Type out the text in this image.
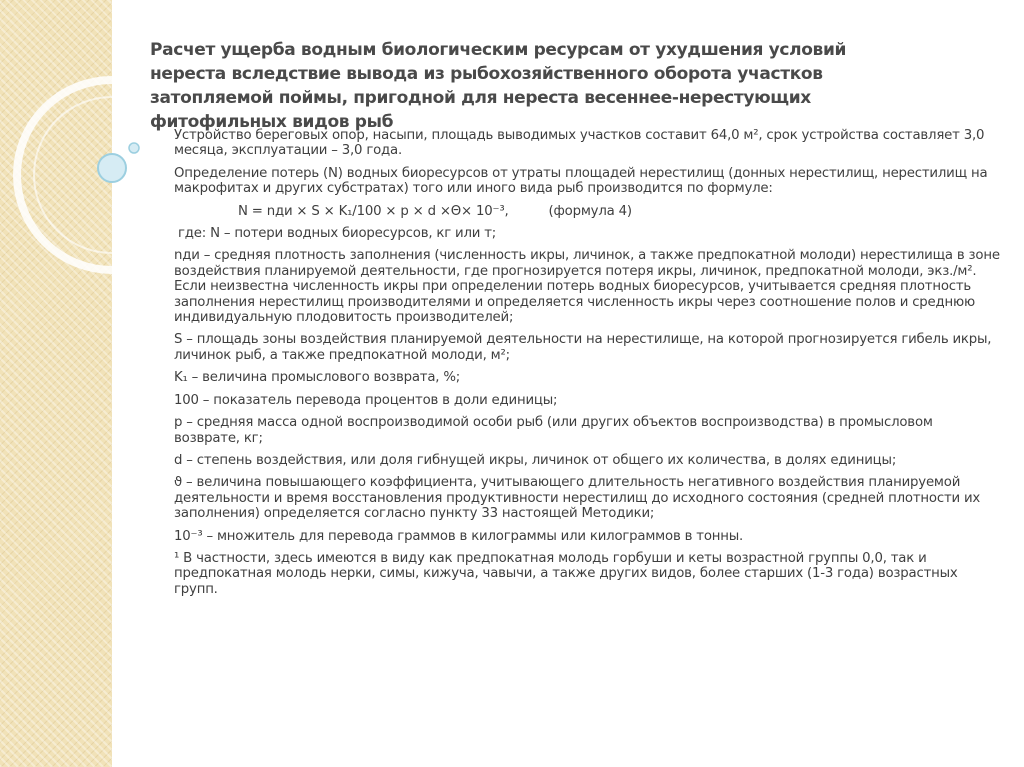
Расчет ущерба водным биологическим ресурсам от ухудшения условий нереста вследствие вывода из рыбохозяйственного оборота участков затопляемой поймы, пригодной для нереста весеннее-нерестующих фитофильных видов рыб

Устройство береговых опор, насыпи, площадь выводимых участков составит 64,0 м², срок устройства составляет 3,0 месяца, эксплуатации – 3,0 года.

Определение потерь (N) водных биоресурсов от утраты площадей нерестилищ (донных нерестилищ, нерестилищ на макрофитах и других субстратах) того или иного вида рыб производится по формуле:

N = nди × S × K₁/100 × p × d ×Θ× 10⁻³,	(формула 4)

где: N – потери водных биоресурсов, кг или т;

nди – средняя плотность заполнения (численность икры, личинок, а также предпокатной молоди) нерестилища в зоне воздействия планируемой деятельности, где прогнозируется потеря икры, личинок, предпокатной молоди, экз./м². Если неизвестна численность икры при определении потерь водных биоресурсов, учитывается средняя плотность заполнения нерестилищ производителями и определяется численность икры через соотношение полов и среднюю индивидуальную плодовитость производителей;

S – площадь зоны воздействия планируемой деятельности на нерестилище, на которой прогнозируется гибель икры, личинок рыб, а также предпокатной молоди, м²;

K₁ – величина промыслового возврата, %;

100 – показатель перевода процентов в доли единицы;

p – средняя масса одной воспроизводимой особи рыб (или других объектов воспроизводства) в промысловом возврате, кг;

d – степень воздействия, или доля гибнущей икры, личинок от общего их количества, в долях единицы;

ϑ – величина повышающего коэффициента, учитывающего длительность негативного воздействия планируемой деятельности и время восстановления продуктивности нерестилищ до исходного состояния (средней плотности их заполнения) определяется согласно пункту 33 настоящей Методики;

10⁻³ – множитель для перевода граммов в килограммы или килограммов в тонны.

¹ В частности, здесь имеются в виду как предпокатная молодь горбуши и кеты возрастной группы 0,0, так и предпокатная молодь нерки, симы, кижуча, чавычи, а также других видов, более старших (1-3 года) возрастных групп.
